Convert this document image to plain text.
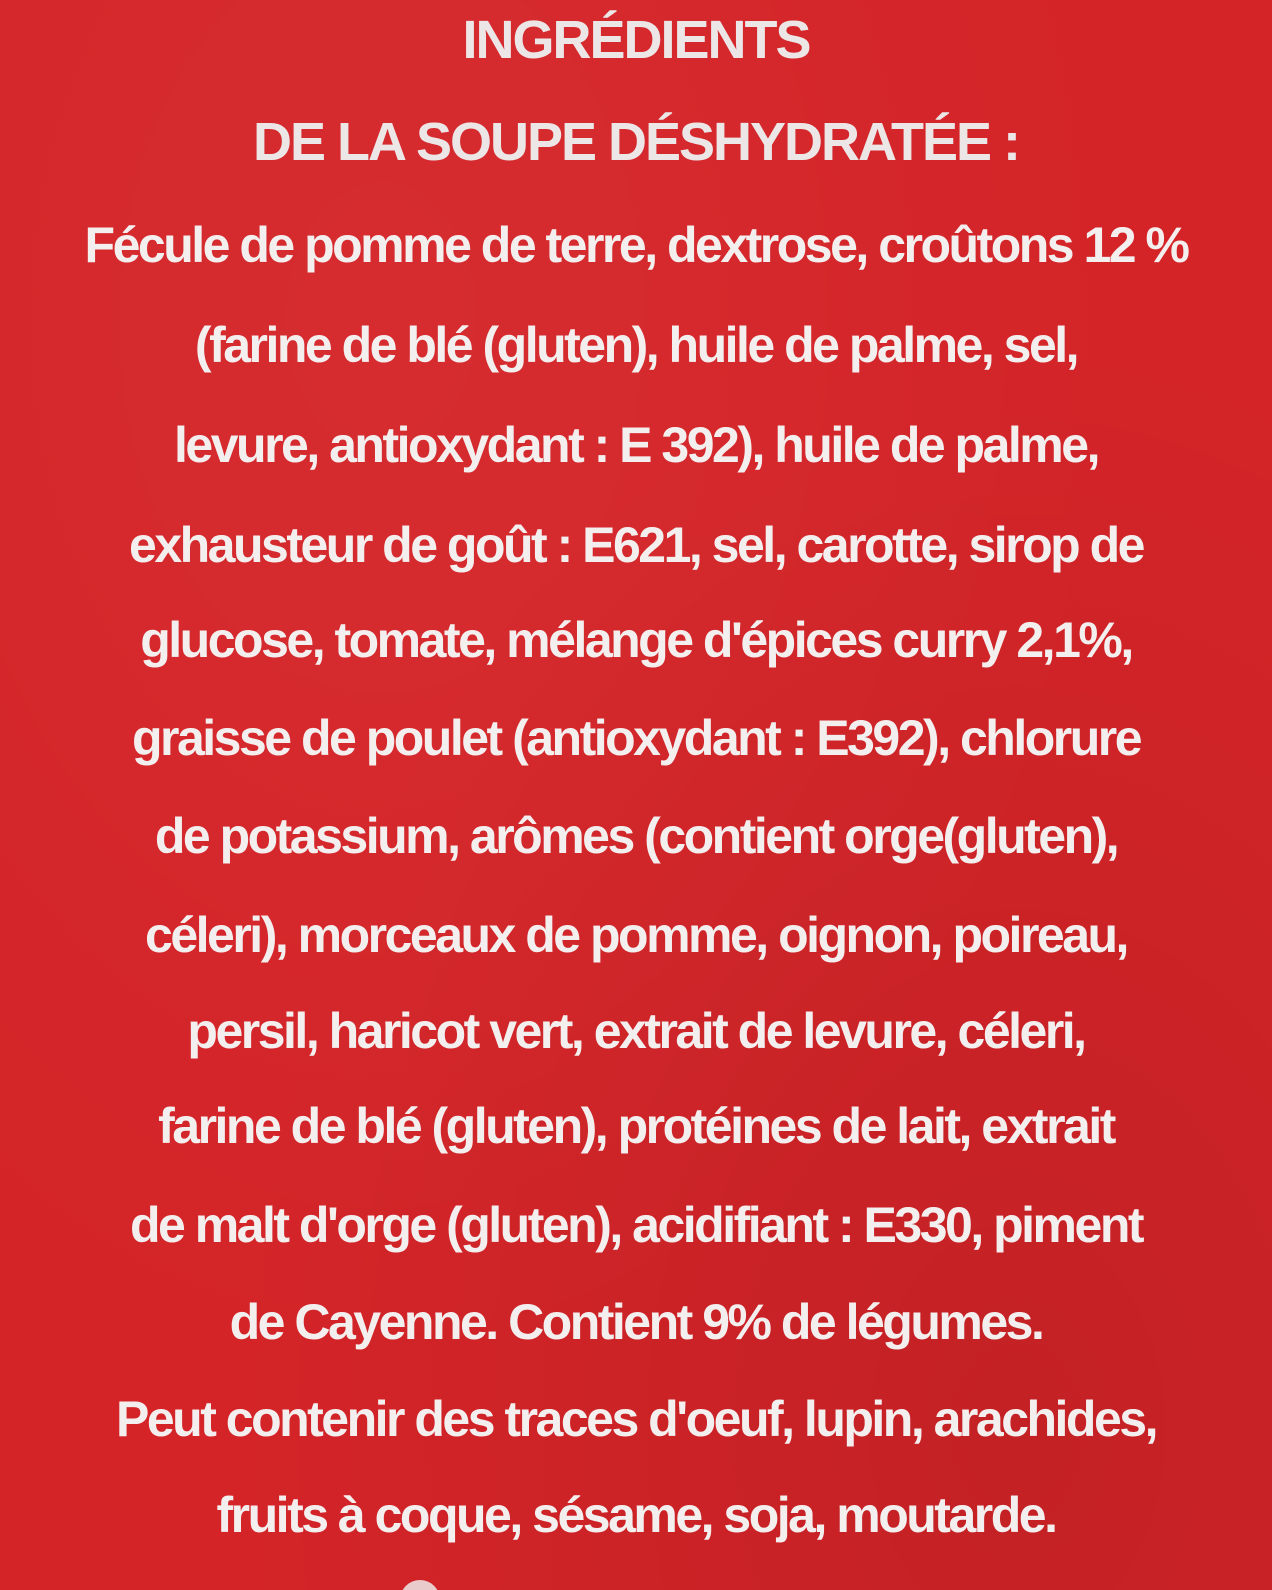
INGRÉDIENTS
DE LA SOUPE DÉSHYDRATÉE :
Fécule de pomme de terre, dextrose, croûtons 12 %
(farine de blé (gluten), huile de palme, sel,
levure, antioxydant : E 392), huile de palme,
exhausteur de goût : E621, sel, carotte, sirop de
glucose, tomate, mélange d'épices curry 2,1%,
graisse de poulet (antioxydant : E392), chlorure
de potassium, arômes (contient orge(gluten),
céleri), morceaux de pomme, oignon, poireau,
persil, haricot vert, extrait de levure, céleri,
farine de blé (gluten), protéines de lait, extrait
de malt d'orge (gluten), acidifiant : E330, piment
de Cayenne. Contient 9% de légumes.
Peut contenir des traces d'oeuf, lupin, arachides,
fruits à coque, sésame, soja, moutarde.
